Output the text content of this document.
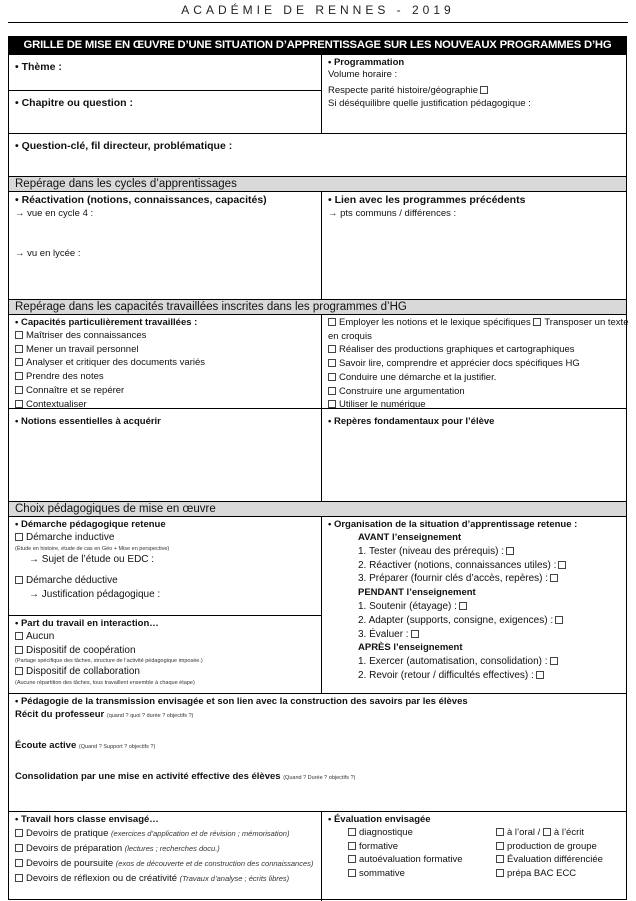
ACADÉMIE DE RENNES - 2019
GRILLE DE MISE EN ŒUVRE D’UNE SITUATION D’APPRENTISSAGE SUR LES NOUVEAUX PROGRAMMES D’HG
• Thème :
• Chapitre ou question :
• Programmation
Volume horaire :
Respecte parité histoire/géographie
Si déséquilibre quelle justification pédagogique :
• Question-clé, fil directeur, problématique :
Repérage dans les cycles d’apprentissages
• Réactivation (notions, connaissances, capacités)
→ vue en cycle 4 :
→ vu en lycée :
• Lien avec les programmes précédents
→ pts communs / différences :
Repérage dans les capacités travaillées inscrites dans les programmes d’HG
• Capacités particulièrement travaillées :
Maîtriser des connaissances
Mener un travail personnel
Analyser et critiquer des documents variés
Prendre des notes
Connaître et se repérer
Contextualiser
Employer les notions et le lexique spécifiques Transposer un texte
en croquis
Réaliser des productions graphiques et cartographiques
Savoir lire, comprendre et apprécier docs spécifiques HG
Conduire une démarche et la justifier.
Construire une argumentation
Utiliser le numérique
• Notions essentielles à acquérir	• Repères fondamentaux pour l’élève
Choix pédagogiques de mise en œuvre
• Démarche pédagogique retenue
Démarche inductive
(Étude en histoire, étude de cas en Géo + Mise en perspective)
→ Sujet de l’étude ou EDC :
Démarche déductive
→ Justification pédagogique :
• Part du travail en interaction…
Aucun
Dispositif de coopération
(Partage spécifique des tâches, structure de l’activité pédagogique imposée.)
Dispositif de collaboration
(Aucune répartition des tâches, tous travaillent ensemble à chaque étape)
• Organisation de la situation d’apprentissage retenue :
AVANT l’enseignement
1. Tester (niveau des prérequis) :
2. Réactiver (notions, connaissances utiles) :
3. Préparer (fournir clés d’accès, repères) :
PENDANT l’enseignement
1. Soutenir (étayage) :
2. Adapter (supports, consigne, exigences) :
3. Évaluer :
APRÈS l’enseignement
1. Exercer (automatisation, consolidation) :
2. Revoir (retour / difficultés effectives) :
• Pédagogie de la transmission envisagée et son lien avec la construction des savoirs par les élèves
Récit du professeur (quand ? quoi ? durée ? objectifs ?)
Écoute active (Quand ? Support ? objectifs ?)
Consolidation par une mise en activité effective des élèves (Quand ? Durée ? objectifs ?)
• Travail hors classe envisagé…
Devoirs de pratique (exercices d’application et de révision ; mémorisation)
Devoirs de préparation (lectures ; recherches docu.)
Devoirs de poursuite (exos de découverte et de construction des connaissances)
Devoirs de réflexion ou de créativité (Travaux d’analyse ; écrits libres)
• Évaluation envisagée
diagnostique	à l’oral / à l’écrit
formative	production de groupe
autoévaluation formative	Évaluation différenciée
sommative	prépa BAC ECC
